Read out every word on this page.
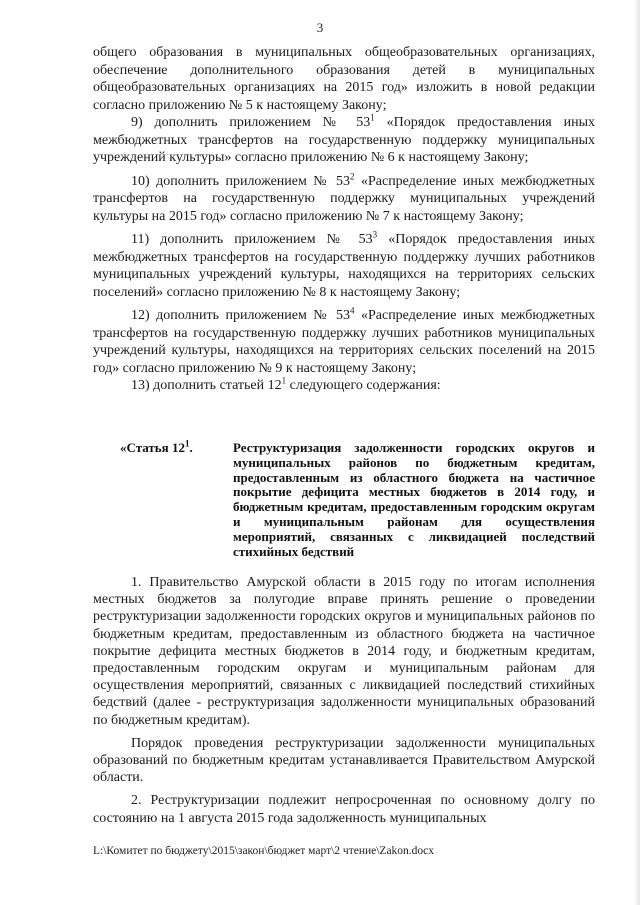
3

общего образования в муниципальных общеобразовательных организациях, обеспечение дополнительного образования детей в муниципальных общеобразовательных организациях на 2015 год» изложить в новой редакции согласно приложению № 5 к настоящему Закону;

9) дополнить приложением № $53^1$ «Порядок предоставления иных межбюджетных трансфертов на государственную поддержку муниципальных учреждений культуры» согласно приложению № 6 к настоящему Закону;

10) дополнить приложением № $53^2$ «Распределение иных межбюджетных трансфертов на государственную поддержку муниципальных учреждений культуры на 2015 год» согласно приложению № 7 к настоящему Закону;

11) дополнить приложением № $53^3$ «Порядок предоставления иных межбюджетных трансфертов на государственную поддержку лучших работников муниципальных учреждений культуры, находящихся на территориях сельских поселений» согласно приложению № 8 к настоящему Закону;

12) дополнить приложением № $53^4$ «Распределение иных межбюджетных трансфертов на государственную поддержку лучших работников муниципальных учреждений культуры, находящихся на территориях сельских поселений на 2015 год» согласно приложению № 9 к настоящему Закону;

13) дополнить статьей $12^1$ следующего содержания:

«Статья $12^1$.	Реструктуризация задолженности городских округов и муниципальных районов по бюджетным кредитам, предоставленным из областного бюджета на частичное покрытие дефицита местных бюджетов в 2014 году, и бюджетным кредитам, предоставленным городским округам и муниципальным районам для осуществления мероприятий, связанных с ликвидацией последствий стихийных бедствий

1. Правительство Амурской области в 2015 году по итогам исполнения местных бюджетов за полугодие вправе принять решение о проведении реструктуризации задолженности городских округов и муниципальных районов по бюджетным кредитам, предоставленным из областного бюджета на частичное покрытие дефицита местных бюджетов в 2014 году, и бюджетным кредитам, предоставленным городским округам и муниципальным районам для осуществления мероприятий, связанных с ликвидацией последствий стихийных бедствий (далее - реструктуризация задолженности муниципальных образований по бюджетным кредитам).

Порядок проведения реструктуризации задолженности муниципальных образований по бюджетным кредитам устанавливается Правительством Амурской области.

2. Реструктуризации подлежит непросроченная по основному долгу по состоянию на 1 августа 2015 года задолженность муниципальных

L:\Комитет по бюджету\2015\закон\бюджет март\2 чтение\Zakon.docx
